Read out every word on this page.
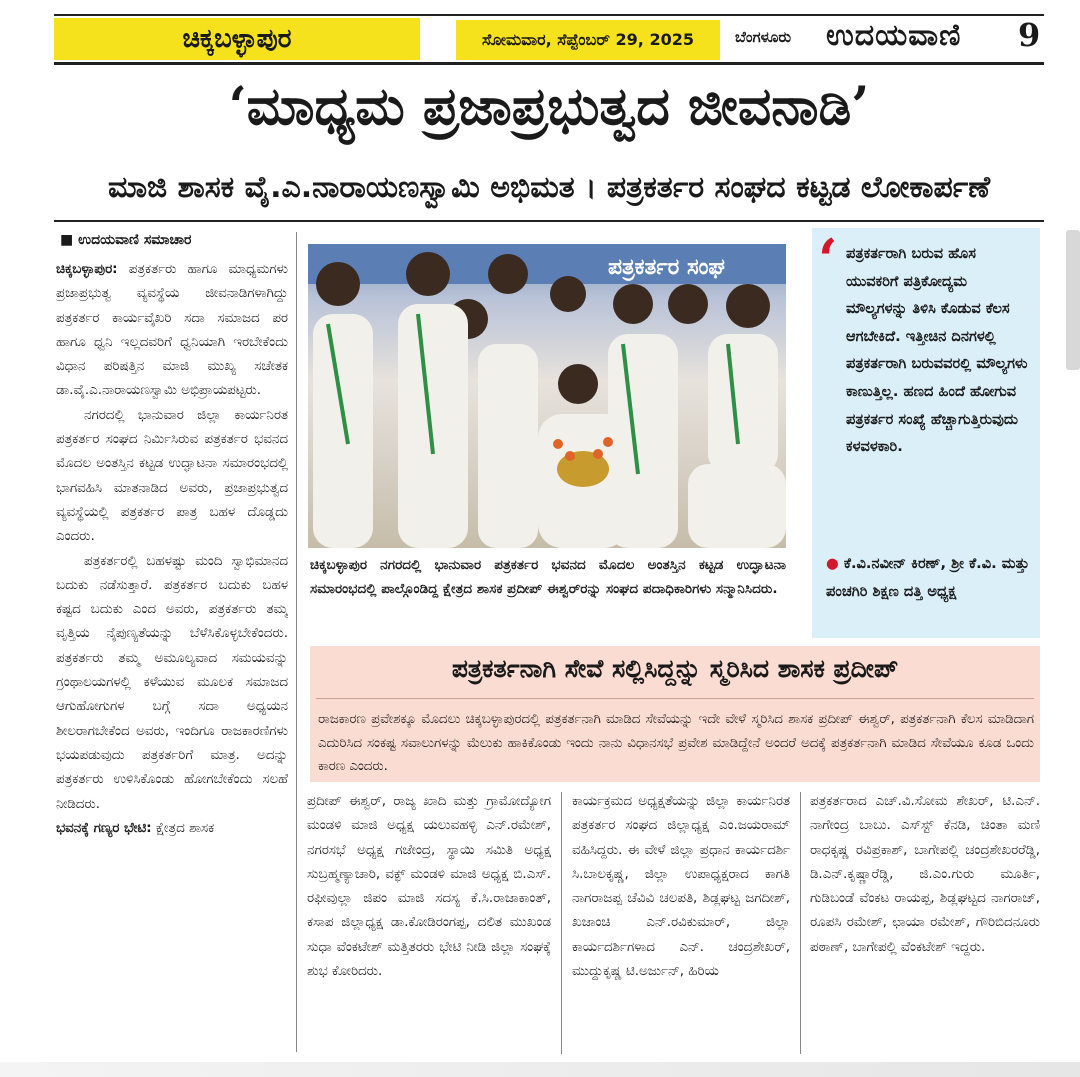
ಚಿಕ್ಕಬಳ್ಳಾಪುರ	ಸೋಮವಾರ, ಸೆಪ್ಟೆಂಬರ್ 29, 2025	ಬೆಂಗಳೂರು ಉದಯವಾಣಿ 9
‘ಮಾಧ್ಯಮ ಪ್ರಜಾಪ್ರಭುತ್ವದ ಜೀವನಾಡಿ’
ಮಾಜಿ ಶಾಸಕ ವೈ.ಎ.ನಾರಾಯಣಸ್ವಾಮಿ ಅಭಿಮತ । ಪತ್ರಕರ್ತರ ಸಂಘದ ಕಟ್ಟಡ ಲೋಕಾರ್ಪಣೆ
■ ಉದಯವಾಣಿ ಸಮಾಚಾರ

ಚಿಕ್ಕಬಳ್ಳಾಪುರ: ಪತ್ರಕರ್ತರು ಹಾಗೂ ಮಾಧ್ಯಮಗಳು ಪ್ರಜಾಪ್ರಭುತ್ವ ವ್ಯವಸ್ಥೆಯ ಜೀವನಾಡಿಗಳಾಗಿದ್ದು ಪತ್ರಕರ್ತರ ಕಾರ್ಯವೈಖರಿ ಸದಾ ಸಮಾಜದ ಪರ ಹಾಗೂ ಧ್ವನಿ ಇಲ್ಲದವರಿಗೆ ಧ್ವನಿಯಾಗಿ ಇರಬೇಕೆಂದು ವಿಧಾನ ಪರಿಷತ್ತಿನ ಮಾಜಿ ಮುಖ್ಯ ಸಚೇತಕ ಡಾ.ವೈ.ಎ.ನಾರಾಯಣಸ್ವಾಮಿ ಅಭಿಪ್ರಾಯಪಟ್ಟರು.

ನಗರದಲ್ಲಿ ಭಾನುವಾರ ಜಿಲ್ಲಾ ಕಾರ್ಯನಿರತ ಪತ್ರಕರ್ತರ ಸಂಘದ ನಿರ್ಮಿಸಿರುವ ಪತ್ರಕರ್ತರ ಭವನದ ಮೊದಲ ಅಂತಸ್ತಿನ ಕಟ್ಟಡ ಉದ್ಘಾಟನಾ ಸಮಾರಂಭದಲ್ಲಿ ಭಾಗವಹಿಸಿ ಮಾತನಾಡಿದ ಅವರು, ಪ್ರಜಾಪ್ರಭುತ್ವದ ವ್ಯವಸ್ಥೆಯಲ್ಲಿ ಪತ್ರಕರ್ತರ ಪಾತ್ರ ಬಹಳ ದೊಡ್ಡದು ಎಂದರು.

ಪತ್ರಕರ್ತರಲ್ಲಿ ಬಹಳಷ್ಟು ಮಂದಿ ಸ್ವಾಭಿಮಾನದ ಬದುಕು ನಡೆಸುತ್ತಾರೆ. ಪತ್ರಕರ್ತರ ಬದುಕು ಬಹಳ ಕಷ್ಟದ ಬದುಕು ಎಂದ ಅವರು, ಪತ್ರಕರ್ತರು ತಮ್ಮ ವೃತ್ತಿಯ ನೈಪುಣ್ಯತೆಯನ್ನು ಬೆಳೆಸಿಕೊಳ್ಳಬೇಕೆಂದರು. ಪತ್ರಕರ್ತರು ತಮ್ಮ ಅಮೂಲ್ಯವಾದ ಸಮಯವನ್ನು ಗ್ರಂಥಾಲಯಗಳಲ್ಲಿ ಕಳೆಯುವ ಮೂಲಕ ಸಮಾಜದ ಆಗುಹೋಗುಗಳ ಬಗ್ಗೆ ಸದಾ ಅಧ್ಯಯನ ಶೀಲರಾಗಬೇಕೆಂದ ಅವರು, ಇಂದಿಗೂ ರಾಜಕಾರಣಿಗಳು ಭಯಪಡುವುದು ಪತ್ರಕರ್ತರಿಗೆ ಮಾತ್ರ. ಅದನ್ನು ಪತ್ರಕರ್ತರು ಉಳಿಸಿಕೊಂಡು ಹೋಗಬೇಕೆಂದು ಸಲಹೆ ನೀಡಿದರು.

ಭವನಕ್ಕೆ ಗಣ್ಯರ ಭೇಟಿ: ಕ್ಷೇತ್ರದ ಶಾಸಕ

ಪತ್ರಕರ್ತರ ಸಂಘ
ಚಿಕ್ಕಬಳ್ಳಾಪುರ ನಗರದಲ್ಲಿ ಭಾನುವಾರ ಪತ್ರಕರ್ತರ ಭವನದ ಮೊದಲ ಅಂತಸ್ತಿನ ಕಟ್ಟಡ ಉದ್ಘಾಟನಾ ಸಮಾರಂಭದಲ್ಲಿ ಪಾಲ್ಗೊಂಡಿದ್ದ ಕ್ಷೇತ್ರದ ಶಾಸಕ ಪ್ರದೀಪ್ ಈಶ್ವರ್‌ರನ್ನು ಸಂಘದ ಪದಾಧಿಕಾರಿಗಳು ಸನ್ಮಾನಿಸಿದರು.
‘ ಪತ್ರಕರ್ತರಾಗಿ ಬರುವ ಹೊಸ ಯುವಕರಿಗೆ ಪತ್ರಿಕೋದ್ಯಮ ಮೌಲ್ಯಗಳನ್ನು ತಿಳಿಸಿ ಕೊಡುವ ಕೆಲಸ ಆಗಬೇಕಿದೆ. ಇತ್ತೀಚಿನ ದಿನಗಳಲ್ಲಿ ಪತ್ರಕರ್ತರಾಗಿ ಬರುವವರಲ್ಲಿ ಮೌಲ್ಯಗಳು ಕಾಣುತ್ತಿಲ್ಲ. ಹಣದ ಹಿಂದೆ ಹೋಗುವ ಪತ್ರಕರ್ತರ ಸಂಖ್ಯೆ ಹೆಚ್ಚಾಗುತ್ತಿರುವುದು ಕಳವಳಕಾರಿ.
● ಕೆ.ವಿ.ನವೀನ್ ಕಿರಣ್, ಶ್ರೀ ಕೆ.ವಿ. ಮತ್ತು ಪಂಚಗಿರಿ ಶಿಕ್ಷಣ ದತ್ತಿ ಅಧ್ಯಕ್ಷ
ಪತ್ರಕರ್ತನಾಗಿ ಸೇವೆ ಸಲ್ಲಿಸಿದ್ದನ್ನು ಸ್ಮರಿಸಿದ ಶಾಸಕ ಪ್ರದೀಪ್
ರಾಜಕಾರಣ ಪ್ರವೇಶಕ್ಕೂ ಮೊದಲು ಚಿಕ್ಕಬಳ್ಳಾಪುರದಲ್ಲಿ ಪತ್ರಕರ್ತನಾಗಿ ಮಾಡಿದ ಸೇವೆಯನ್ನು ಇದೇ ವೇಳೆ ಸ್ಮರಿಸಿದ ಶಾಸಕ ಪ್ರದೀಪ್ ಈಶ್ವರ್, ಪತ್ರಕರ್ತನಾಗಿ ಕೆಲಸ ಮಾಡಿದಾಗ ಎದುರಿಸಿದ ಸಂಕಷ್ಟ ಸವಾಲುಗಳನ್ನು ಮೆಲುಕು ಹಾಕಿಕೊಂಡು ಇಂದು ನಾನು ವಿಧಾನಸಭೆ ಪ್ರವೇಶ ಮಾಡಿದ್ದೇನೆ ಅಂದರೆ ಅದಕ್ಕೆ ಪತ್ರಕರ್ತನಾಗಿ ಮಾಡಿದ ಸೇವೆಯೂ ಕೂಡ ಒಂದು ಕಾರಣ ಎಂದರು.
ಪ್ರದೀಪ್ ಈಶ್ವರ್, ರಾಜ್ಯ ಖಾದಿ ಮತ್ತು ಗ್ರಾಮೋದ್ಯೋಗ ಮಂಡಳಿ ಮಾಜಿ ಅಧ್ಯಕ್ಷ ಯಲುವಹಳ್ಳಿ ಎನ್.ರಮೇಶ್, ನಗರಸಭೆ ಅಧ್ಯಕ್ಷ ಗಜೇಂದ್ರ, ಸ್ಥಾಯಿ ಸಮಿತಿ ಅಧ್ಯಕ್ಷ ಸುಬ್ರಹ್ಮಣ್ಯಾಚಾರಿ, ವಕ್ಫ್ ಮಂಡಳಿ ಮಾಜಿ ಅಧ್ಯಕ್ಷ ಬಿ.ಎಸ್. ರಫೀವುಲ್ಲಾ ಜಿಪಂ ಮಾಜಿ ಸದಸ್ಯ ಕೆ.ಸಿ.ರಾಜಾಕಾಂತ್, ಕಸಾಪ ಜಿಲ್ಲಾಧ್ಯಕ್ಷ ಡಾ.ಕೋಡಿರಂಗಪ್ಪ, ದಲಿತ ಮುಖಂಡ ಸುಧಾ ವೆಂಕಟೇಶ್ ಮತ್ತಿತರರು ಭೇಟಿ ನೀಡಿ ಜಿಲ್ಲಾ ಸಂಘಕ್ಕೆ ಶುಭ ಕೋರಿದರು.
ಕಾರ್ಯಕ್ರಮದ ಅಧ್ಯಕ್ಷತೆಯನ್ನು ಜಿಲ್ಲಾ ಕಾರ್ಯನಿರತ ಪತ್ರಕರ್ತರ ಸಂಘದ ಜಿಲ್ಲಾಧ್ಯಕ್ಷ ಎಂ.ಜಯರಾಮ್ ವಹಿಸಿದ್ದರು. ಈ ವೇಳೆ ಜಿಲ್ಲಾ ಪ್ರಧಾನ ಕಾರ್ಯದರ್ಶಿ ಸಿ.ಬಾಲಕೃಷ್ಣ, ಜಿಲ್ಲಾ ಉಪಾಧ್ಯಕ್ಷರಾದ ಕಾಗತಿ ನಾಗರಾಜಪ್ಪ ಚೆವಿವಿ ಚಲಪತಿ, ಶಿಡ್ಲಘಟ್ಟ ಜಗದೀಶ್, ಖಜಾಂಚಿ ಎನ್.ರವಿಕುಮಾರ್, ಜಿಲ್ಲಾ ಕಾರ್ಯದರ್ಶಿಗಳಾದ ಎನ್. ಚಂದ್ರಶೇಖರ್, ಮುದ್ದುಕೃಷ್ಣ ಟಿ.ಅರ್ಜುನ್, ಹಿರಿಯ
ಪತ್ರಕರ್ತರಾದ ಎಚ್.ವಿ.ಸೋಮ ಶೇಖರ್, ಟಿ.ಎನ್. ನಾಗೇಂದ್ರ ಬಾಬು. ಎಸ್‌ಸ್ಟ್ ಕೆನಡಿ, ಚಿಂತಾ ಮಣಿ ರಾಧಕೃಷ್ಣ ರವಿಪ್ರಕಾಶ್, ಬಾಗೇಪಲ್ಲಿ ಚಂದ್ರಶೇಖರರೆಡ್ಡಿ, ಡಿ.ಎನ್.ಕೃಷ್ಣಾರೆಡ್ಡಿ, ಜಿ.ಎಂ.ಗುರು ಮೂರ್ತಿ, ಗುಡಿಬಂಡೆ ವೆಂಕಟ ರಾಯಪ್ಪ, ಶಿಡ್ಲಘಟ್ಟದ ನಾಗರಾಜ್, ರೂಪಸಿ ರಮೇಶ್, ಛಾಯಾ ರಮೇಶ್, ಗೌರಿಬಿದನೂರು ಪಠಾಣ್, ಬಾಗೇಪಲ್ಲಿ ವೆಂಕಟೇಶ್ ಇದ್ದರು.
